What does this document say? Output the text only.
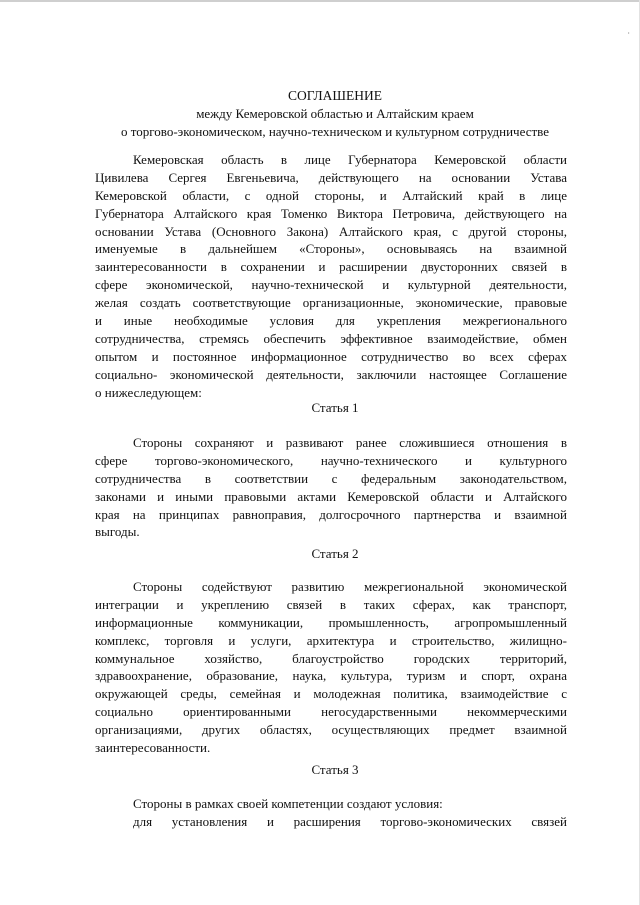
·
СОГЛАШЕНИЕ
между Кемеровской областью и Алтайским краем
о торгово-экономическом, научно-техническом и культурном сотрудничестве
Кемеровская область в лице Губернатора Кемеровской области
Цивилева Сергея Евгеньевича, действующего на основании Устава
Кемеровской области, с одной стороны, и Алтайский край в лице
Губернатора Алтайского края Томенко Виктора Петровича, действующего на
основании Устава (Основного Закона) Алтайского края, с другой стороны,
именуемые в дальнейшем «Стороны», основываясь на взаимной
заинтересованности в сохранении и расширении двусторонних связей в
сфере экономической, научно-технической и культурной деятельности,
желая создать соответствующие организационные, экономические, правовые
и иные необходимые условия для укрепления межрегионального
сотрудничества, стремясь обеспечить эффективное взаимодействие, обмен
опытом и постоянное информационное сотрудничество во всех сферах
социально- экономической деятельности, заключили настоящее Соглашение
о нижеследующем:
Статья 1
Стороны сохраняют и развивают ранее сложившиеся отношения в
сфере торгово-экономического, научно-технического и культурного
сотрудничества в соответствии с федеральным законодательством,
законами и иными правовыми актами Кемеровской области и Алтайского
края на принципах равноправия, долгосрочного партнерства и взаимной
выгоды.
Статья 2
Стороны содействуют развитию межрегиональной экономической
интеграции и укреплению связей в таких сферах, как транспорт,
информационные коммуникации, промышленность, агропромышленный
комплекс, торговля и услуги, архитектура и строительство, жилищно-
коммунальное хозяйство, благоустройство городских территорий,
здравоохранение, образование, наука, культура, туризм и спорт, охрана
окружающей среды, семейная и молодежная политика, взаимодействие с
социально ориентированными негосударственными некоммерческими
организациями, других областях, осуществляющих предмет взаимной
заинтересованности.
Статья 3
Стороны в рамках своей компетенции создают условия:
для установления и расширения торгово-экономических связей
